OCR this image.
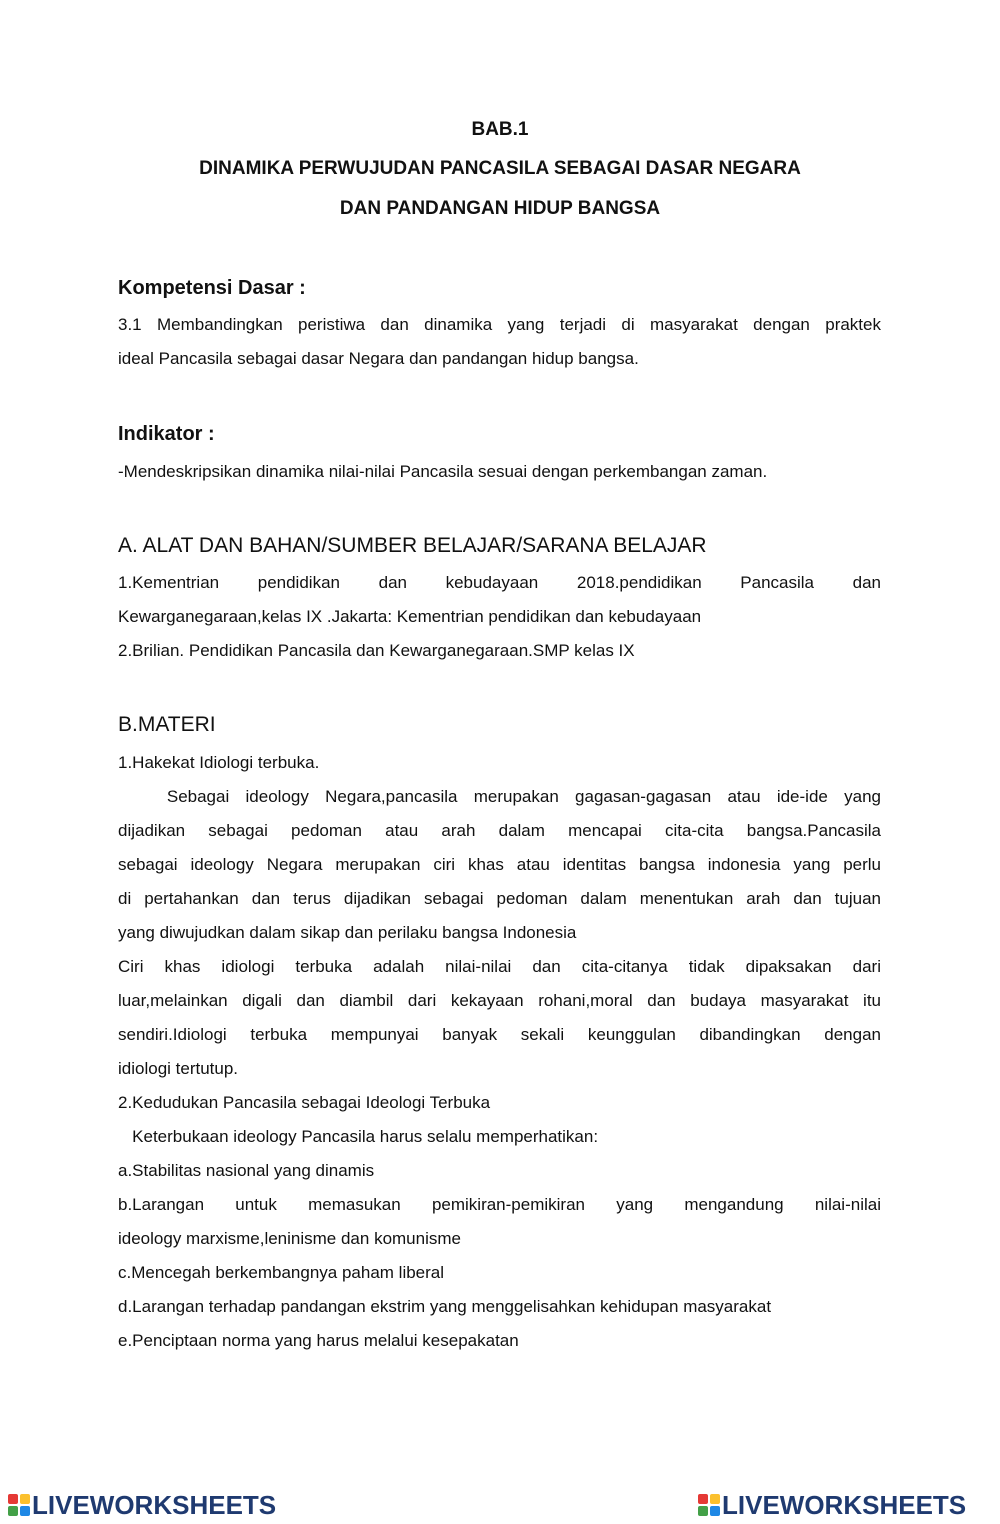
BAB.1
DINAMIKA PERWUJUDAN PANCASILA SEBAGAI DASAR NEGARA
DAN PANDANGAN HIDUP BANGSA
Kompetensi Dasar :
3.1 Membandingkan peristiwa dan dinamika yang terjadi di masyarakat dengan praktek
ideal Pancasila sebagai dasar Negara dan pandangan hidup bangsa.
Indikator :
-Mendeskripsikan dinamika nilai-nilai Pancasila sesuai dengan perkembangan zaman.
A. ALAT DAN BAHAN/SUMBER BELAJAR/SARANA BELAJAR
1.Kementrian pendidikan dan kebudayaan 2018.pendidikan Pancasila dan
Kewarganegaraan,kelas IX .Jakarta: Kementrian pendidikan dan kebudayaan
2.Brilian. Pendidikan Pancasila dan Kewarganegaraan.SMP kelas IX
B.MATERI
1.Hakekat Idiologi terbuka.
Sebagai ideology Negara,pancasila merupakan gagasan-gagasan atau ide-ide yang
dijadikan sebagai pedoman atau arah dalam mencapai cita-cita bangsa.Pancasila
sebagai ideology Negara merupakan ciri khas atau identitas bangsa indonesia yang perlu
di pertahankan dan terus dijadikan sebagai pedoman dalam menentukan arah dan tujuan
yang diwujudkan dalam sikap dan perilaku bangsa Indonesia
Ciri khas idiologi terbuka adalah nilai-nilai dan cita-citanya tidak dipaksakan dari
luar,melainkan digali dan diambil dari kekayaan rohani,moral dan budaya masyarakat itu
sendiri.Idiologi terbuka mempunyai banyak sekali keunggulan dibandingkan dengan
idiologi tertutup.
2.Kedudukan Pancasila sebagai Ideologi Terbuka
Keterbukaan ideology Pancasila harus selalu memperhatikan:
a.Stabilitas nasional yang dinamis
b.Larangan untuk memasukan pemikiran-pemikiran yang mengandung nilai-nilai
ideology marxisme,leninisme dan komunisme
c.Mencegah berkembangnya paham liberal
d.Larangan terhadap pandangan ekstrim yang menggelisahkan kehidupan masyarakat
e.Penciptaan norma yang harus melalui kesepakatan
LIVEWORKSHEETS	LIVEWORKSHEETS
